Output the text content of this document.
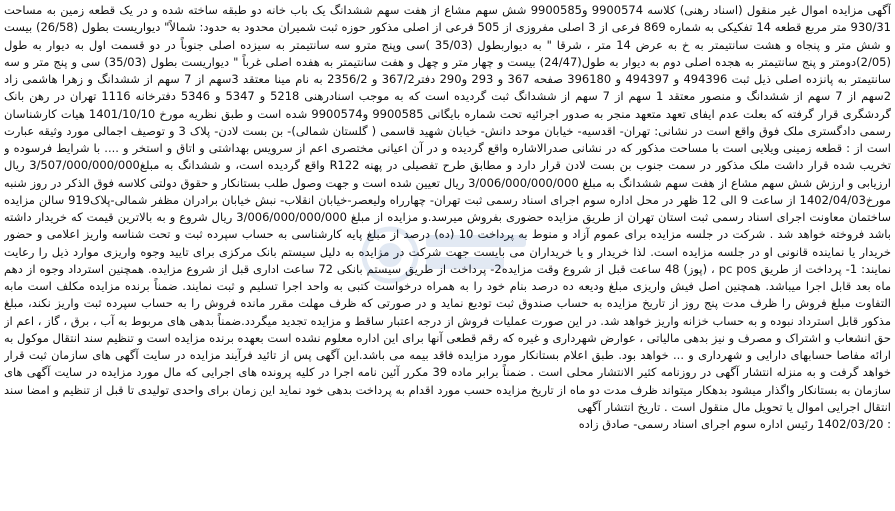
آگهی مزایده اموال غیر منقول (اسناد رهنی) کلاسه 9900574 و9900585 شش سهم مشاع از هفت سهم ششدانگ یک باب خانه دو طبقه ساخته شده و در یک قطعه زمین به مساحت 930/31 متر مربع قطعه 14 تفکیکی به شماره 869 فرعی از 3 اصلی مفروزی از 505 فرعی از اصلی مذکور حوزه ثبت شمیران محدود به حدود: شمالاً" دیواریست بطول (26/58) بیست و شش متر و پنجاه و هشت سانتیمتر به خ به عرض 14 متر ، شرقا " به دیواربطول (35/03 )سی وپنج مترو سه سانتیمتر به سیزده اصلی جنوباً در دو قسمت اول به دیوار به طول (2/05)دومتر و پنج سانتیمتر به هجده اصلی دوم به دیوار به طول(24/47) بیست و چهار متر و چهل و هفت سانتیمتر به هفده اصلی غرباً " دیواریست بطول (35/03) سی و پنج متر و سه سانتیمتر به پانزده اصلی ذیل ثبت 494396 و 494397 و 396180 صفحه 367 و 293 و290 دفتر367/2 و 2356/2 به نام مینا معتقد 3سهم از 7 سهم از ششدانگ و زهرا هاشمی زاد 2سهم از 7 سهم از ششدانگ و منصور معتقد 1 سهم از 7 سهم از ششدانگ ثبت گردیده است که به موجب اسنادرهنی 5218 و 5347 و 5346 دفترخانه 1116 تهران در رهن بانک گردشگری قرار گرفته که بعلت عدم ایفای تعهد متعهد منجر به صدور اجرائیه تحت شماره بایگانی 9900585 و9900574 شده است و طبق نظریه مورخ 1401/10/10 هیات کارشناسان رسمی دادگستری ملک فوق واقع است در نشانی: تهران- اقدسیه- خیابان موحد دانش- خیابان شهید قاسمی ( گلستان شمالی)- بن بست لادن- پلاک 3 و توصیف اجمالی مورد وثیقه عبارت است از : قطعه زمینی ویلایی است با مساحت مذکور که در نشانی صدرالاشاره واقع گردیده و در آن اعیانی مختصری اعم از سرویس بهداشتی و اتاق و استخر و .... با شرایط فرسوده و تخریب شده قرار داشت ملک مذکور در سمت جنوب بن بست لادن قرار دارد و مطابق طرح تفصیلی در پهنه R122 واقع گردیده است، و ششدانگ به مبلغ3/507/000/000/000 ریال ارزیابی و ارزش شش سهم مشاع از هفت سهم ششدانگ به مبلغ 3/006/000/000/000 ریال تعیین شده است و جهت وصول طلب بستانکار و حقوق دولتی کلاسه فوق الذکر در روز شنبه مورخ1402/04/03 از ساعت 9 الی 12 ظهر در محل اداره سوم اجرای اسناد رسمی ثبت تهران- چهارراه ولیعصر-خیابان انقلاب- نبش خیابان برادران مظفر شمالی-پلاک919 سالن مزایده ساختمان معاونت اجرای اسناد رسمی ثبت استان تهران از طریق مزایده حضوری بفروش میرسد.و مزایده از مبلغ 3/006/000/000/000 ریال شروع و به بالاترین قیمت که خریدار داشته باشد فروخته خواهد شد . شرکت در جلسه مزایده برای عموم آزاد و منوط به پرداخت 10 (ده) درصد از مبلغ پایه کارشناسی به حساب سپرده ثبت و تحت شناسه واریز اعلامی و حضور خریدار یا نماینده قانونی او در جلسه مزایده است. لذا خریدار و یا خریداران می بایست جهت شرکت در مزایده به دلیل سیستم بانک مرکزی برای تایید وجوه واریزی موارد ذیل را رعایت نمایند: 1- پرداخت از طریق pc pos ، (پوز) 48 ساعت قبل از شروع وقت مزایده2- پرداخت از طریق سیستم بانکی 72 ساعت اداری قبل از شروع مزایده. همچنین استرداد وجوه از دهم ماه بعد قابل اجرا میباشد. همچنین اصل فیش واریزی مبلغ ودیعه ده درصد بنام خود را به همراه درخواست کتبی به واحد اجرا تسلیم و ثبت نمایند. ضمناً برنده مزایده مکلف است مابه التفاوت مبلغ فروش را ظرف مدت پنج روز از تاریخ مزایده به حساب صندوق ثبت تودیع نماید و در صورتی که ظرف مهلت مقرر مانده فروش را به حساب سپرده ثبت واریز نکند، مبلغ مذکور قابل استرداد نبوده و به حساب خزانه واریز خواهد شد. در این صورت عملیات فروش از درجه اعتبار ساقط و مزایده تجدید میگردد.ضمناً بدهی های مربوط به آب ، برق ، گاز ، اعم از حق انشعاب و اشتراک و مصرف و نیز بدهی مالیاتی ، عوارض شهرداری و غیره که رقم قطعی آنها برای این اداره معلوم نشده است بعهده برنده مزایده است و تنظیم سند انتقال موکول به ارائه مفاصا حسابهای دارایی و شهرداری و ... خواهد بود. طبق اعلام بستانکار مورد مزایده فاقد بیمه می باشد.این آگهی پس از تائید فرآیند مزایده در سایت آگهی های سازمان ثبت قرار خواهد گرفت و به منزله انتشار آگهی در روزنامه کثیر الانتشار محلی است . ضمناً برابر ماده 39 مکرر آئین نامه اجرا در کلیه پرونده های اجرایی که مال مورد مزایده در سایت آگهی های سازمان به بستانکار واگذار میشود بدهکار میتواند ظرف مدت دو ماه از تاریخ مزایده حسب مورد اقدام به پرداخت بدهی خود نماید این زمان برای واحدی تولیدی تا قبل از تنظیم و امضا سند انتقال اجرایی اموال یا تحویل مال منقول است . تاریخ انتشار آگهی

: 1402/03/20 رئیس اداره سوم اجرای اسناد رسمی- صادق زاده
